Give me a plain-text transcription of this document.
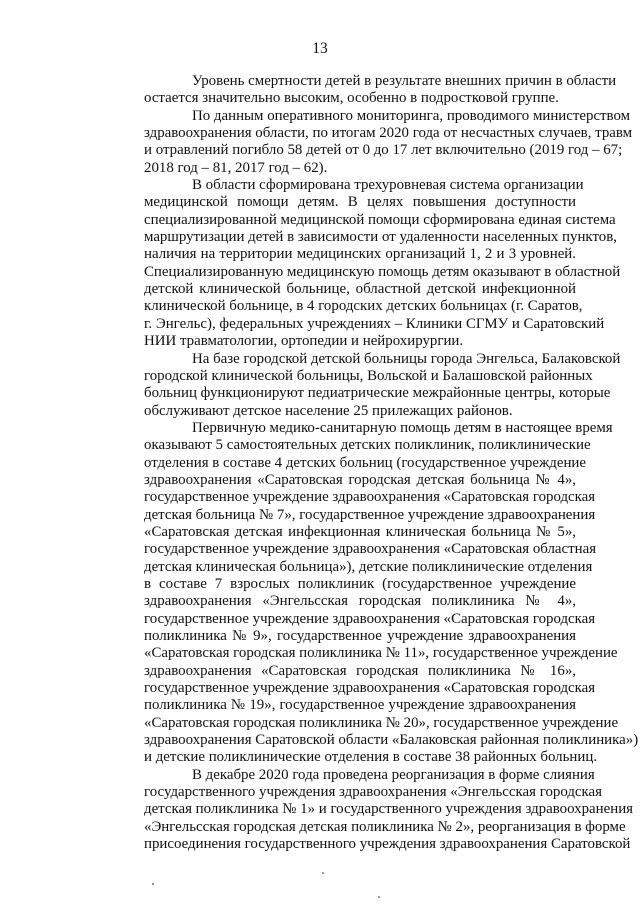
13

Уровень смертности детей в результате внешних причин в области
остается значительно высоким, особенно в подростковой группе.

По данным оперативного мониторинга, проводимого министерством
здравоохранения области, по итогам 2020 года от несчастных случаев, травм
и отравлений погибло 58 детей от 0 до 17 лет включительно (2019 год – 67;
2018 год – 81, 2017 год – 62).

В области сформирована трехуровневая система организации
медицинской помощи детям. В целях повышения доступности
специализированной медицинской помощи сформирована единая система
маршрутизации детей в зависимости от удаленности населенных пунктов,
наличия на территории медицинских организаций 1, 2 и 3 уровней.
Специализированную медицинскую помощь детям оказывают в областной
детской клинической больнице, областной детской инфекционной
клинической больнице, в 4 городских детских больницах (г. Саратов,
г. Энгельс), федеральных учреждениях – Клиники СГМУ и Саратовский
НИИ травматологии, ортопедии и нейрохирургии.

На базе городской детской больницы города Энгельса, Балаковской
городской клинической больницы, Вольской и Балашовской районных
больниц функционируют педиатрические межрайонные центры, которые
обслуживают детское население 25 прилежащих районов.

Первичную медико-санитарную помощь детям в настоящее время
оказывают 5 самостоятельных детских поликлиник, поликлинические
отделения в составе 4 детских больниц (государственное учреждение
здравоохранения «Саратовская городская детская больница № 4»,
государственное учреждение здравоохранения «Саратовская городская
детская больница № 7», государственное учреждение здравоохранения
«Саратовская детская инфекционная клиническая больница № 5»,
государственное учреждение здравоохранения «Саратовская областная
детская клиническая больница»), детские поликлинические отделения
в составе 7 взрослых поликлиник (государственное учреждение
здравоохранения «Энгельсская городская поликлиника № 4»,
государственное учреждение здравоохранения «Саратовская городская
поликлиника № 9», государственное учреждение здравоохранения
«Саратовская городская поликлиника № 11», государственное учреждение
здравоохранения «Саратовская городская поликлиника № 16»,
государственное учреждение здравоохранения «Саратовская городская
поликлиника № 19», государственное учреждение здравоохранения
«Саратовская городская поликлиника № 20», государственное учреждение
здравоохранения Саратовской области «Балаковская районная поликлиника»)
и детские поликлинические отделения в составе 38 районных больниц.

В декабре 2020 года проведена реорганизация в форме слияния
государственного учреждения здравоохранения «Энгельсская городская
детская поликлиника № 1» и государственного учреждения здравоохранения
«Энгельсская городская детская поликлиника № 2», реорганизация в форме
присоединения государственного учреждения здравоохранения Саратовской
